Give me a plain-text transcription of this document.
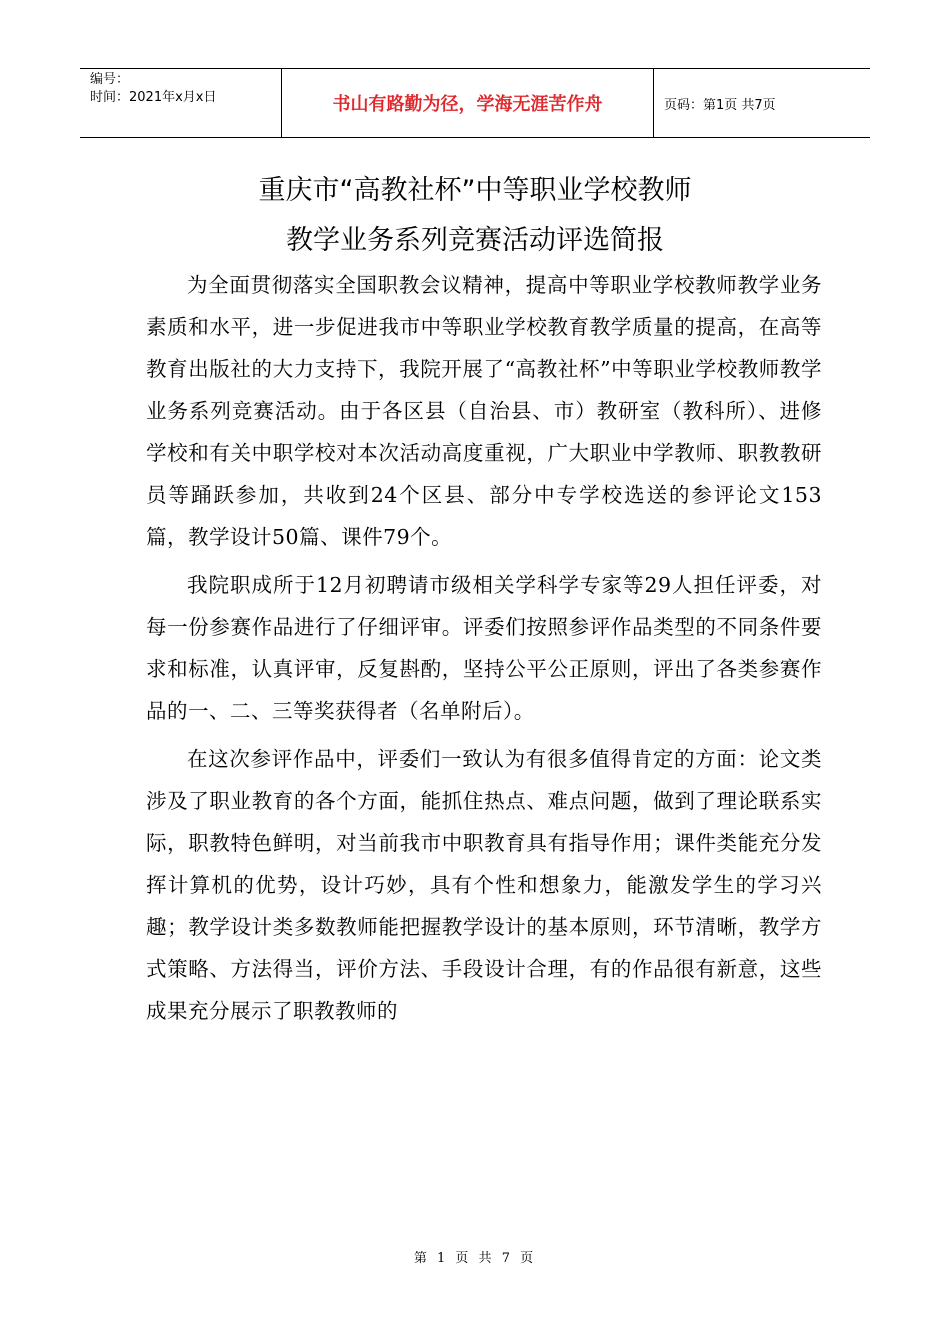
编号：
时间：2021年x月x日	书山有路勤为径，学海无涯苦作舟	页码：第1页 共7页
重庆市“高教社杯”中等职业学校教师
教学业务系列竞赛活动评选简报

为全面贯彻落实全国职教会议精神，提高中等职业学校教师教学业务素质和水平，进一步促进我市中等职业学校教育教学质量的提高，在高等教育出版社的大力支持下，我院开展了“高教社杯”中等职业学校教师教学业务系列竞赛活动。由于各区县（自治县、市）教研室（教科所）、进修学校和有关中职学校对本次活动高度重视，广大职业中学教师、职教教研员等踊跃参加，共收到24个区县、部分中专学校选送的参评论文153篇，教学设计50篇、课件79个。

我院职成所于12月初聘请市级相关学科学专家等29人担任评委，对每一份参赛作品进行了仔细评审。评委们按照参评作品类型的不同条件要求和标准，认真评审，反复斟酌，坚持公平公正原则，评出了各类参赛作品的一、二、三等奖获得者（名单附后）。

在这次参评作品中，评委们一致认为有很多值得肯定的方面：论文类涉及了职业教育的各个方面，能抓住热点、难点问题，做到了理论联系实际，职教特色鲜明，对当前我市中职教育具有指导作用；课件类能充分发挥计算机的优势，设计巧妙，具有个性和想象力，能激发学生的学习兴趣；教学设计类多数教师能把握教学设计的基本原则，环节清晰，教学方式策略、方法得当，评价方法、手段设计合理，有的作品很有新意，这些成果充分展示了职教教师的

第 1 页 共 7 页
